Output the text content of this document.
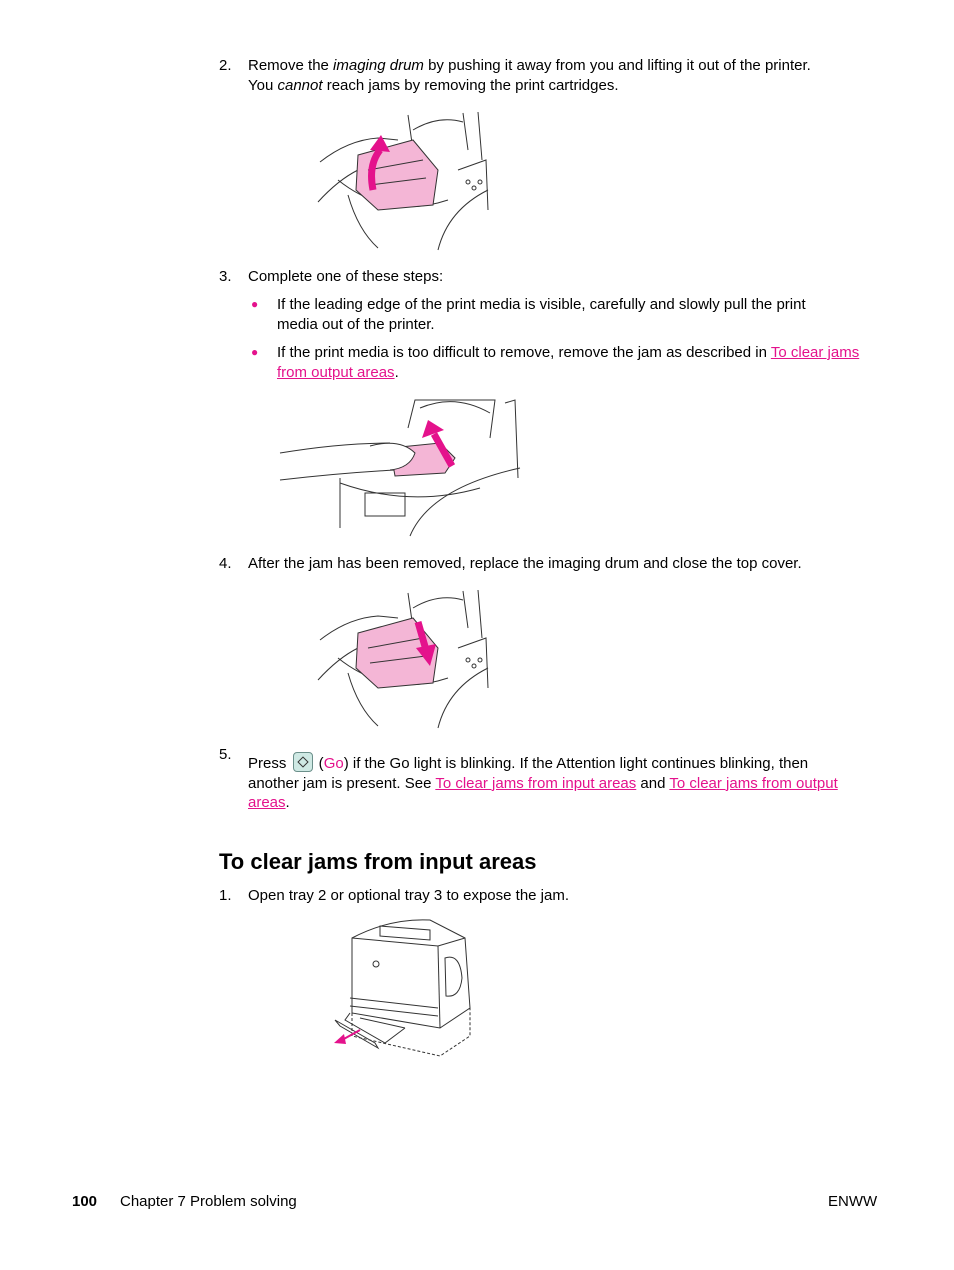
2. Remove the imaging drum by pushing it away from you and lifting it out of the printer.
You cannot reach jams by removing the print cartridges.
3. Complete one of these steps:
● If the leading edge of the print media is visible, carefully and slowly pull the print media out of the printer.
● If the print media is too difficult to remove, remove the jam as described in To clear jams from output areas.
4. After the jam has been removed, replace the imaging drum and close the top cover.
5.
Press  (Go) if the Go light is blinking. If the Attention light continues blinking, then another jam is present. See To clear jams from input areas and To clear jams from output areas.
To clear jams from input areas
1. Open tray 2 or optional tray 3 to expose the jam.
100 Chapter 7 Problem solving	ENWW
